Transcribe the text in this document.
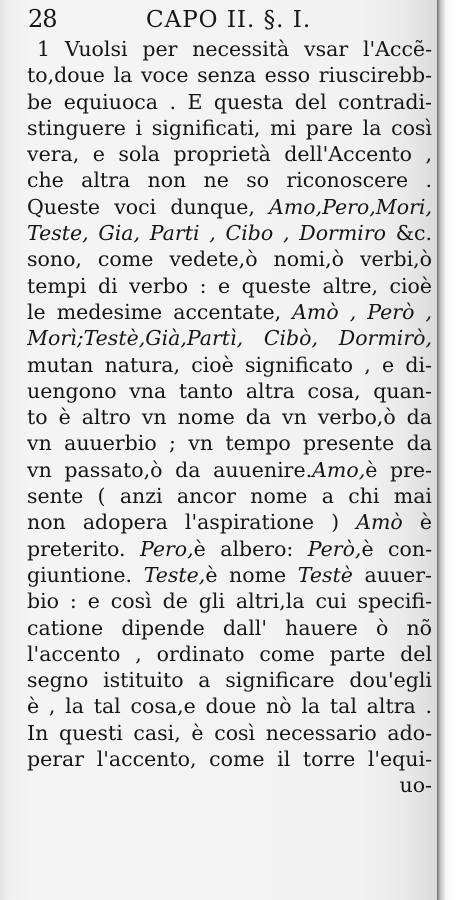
28	CAPO II. §. I.
1 Vuolsi per necessità vsar l'Accẽ-
to,doue la voce senza esso riuscirebb-
be equiuoca . E questa del contradi-
stinguere i significati, mi pare la così
vera, e sola proprietà dell'Accento ,
che altra non ne so riconoscere .
Queste voci dunque, Amo,Pero,Mori,
Teste, Gia, Parti , Cibo , Dormiro &c.
sono, come vedete,ò nomi,ò verbi,ò
tempi di verbo : e queste altre, cioè
le medesime accentate, Amò , Però ,
Morì;Testè,Già,Partì, Cibò, Dormirò,
mutan natura, cioè significato , e di-
uengono vna tanto altra cosa, quan-
to è altro vn nome da vn verbo,ò da
vn auuerbio ; vn tempo presente da
vn passato,ò da auuenire.Amo,è pre-
sente ( anzi ancor nome a chi mai
non adopera l'aspiratione ) Amò è
preterito. Pero,è albero: Però,è con-
giuntione. Teste,è nome Testè auuer-
bio : e così de gli altri,la cui specifi-
catione dipende dall' hauere ò nõ
l'accento , ordinato come parte del
segno istituito a significare dou'egli
è , la tal cosa,e doue nò la tal altra .
In questi casi, è così necessario ado-
perar l'accento, come il torre l'equi-
uo-
